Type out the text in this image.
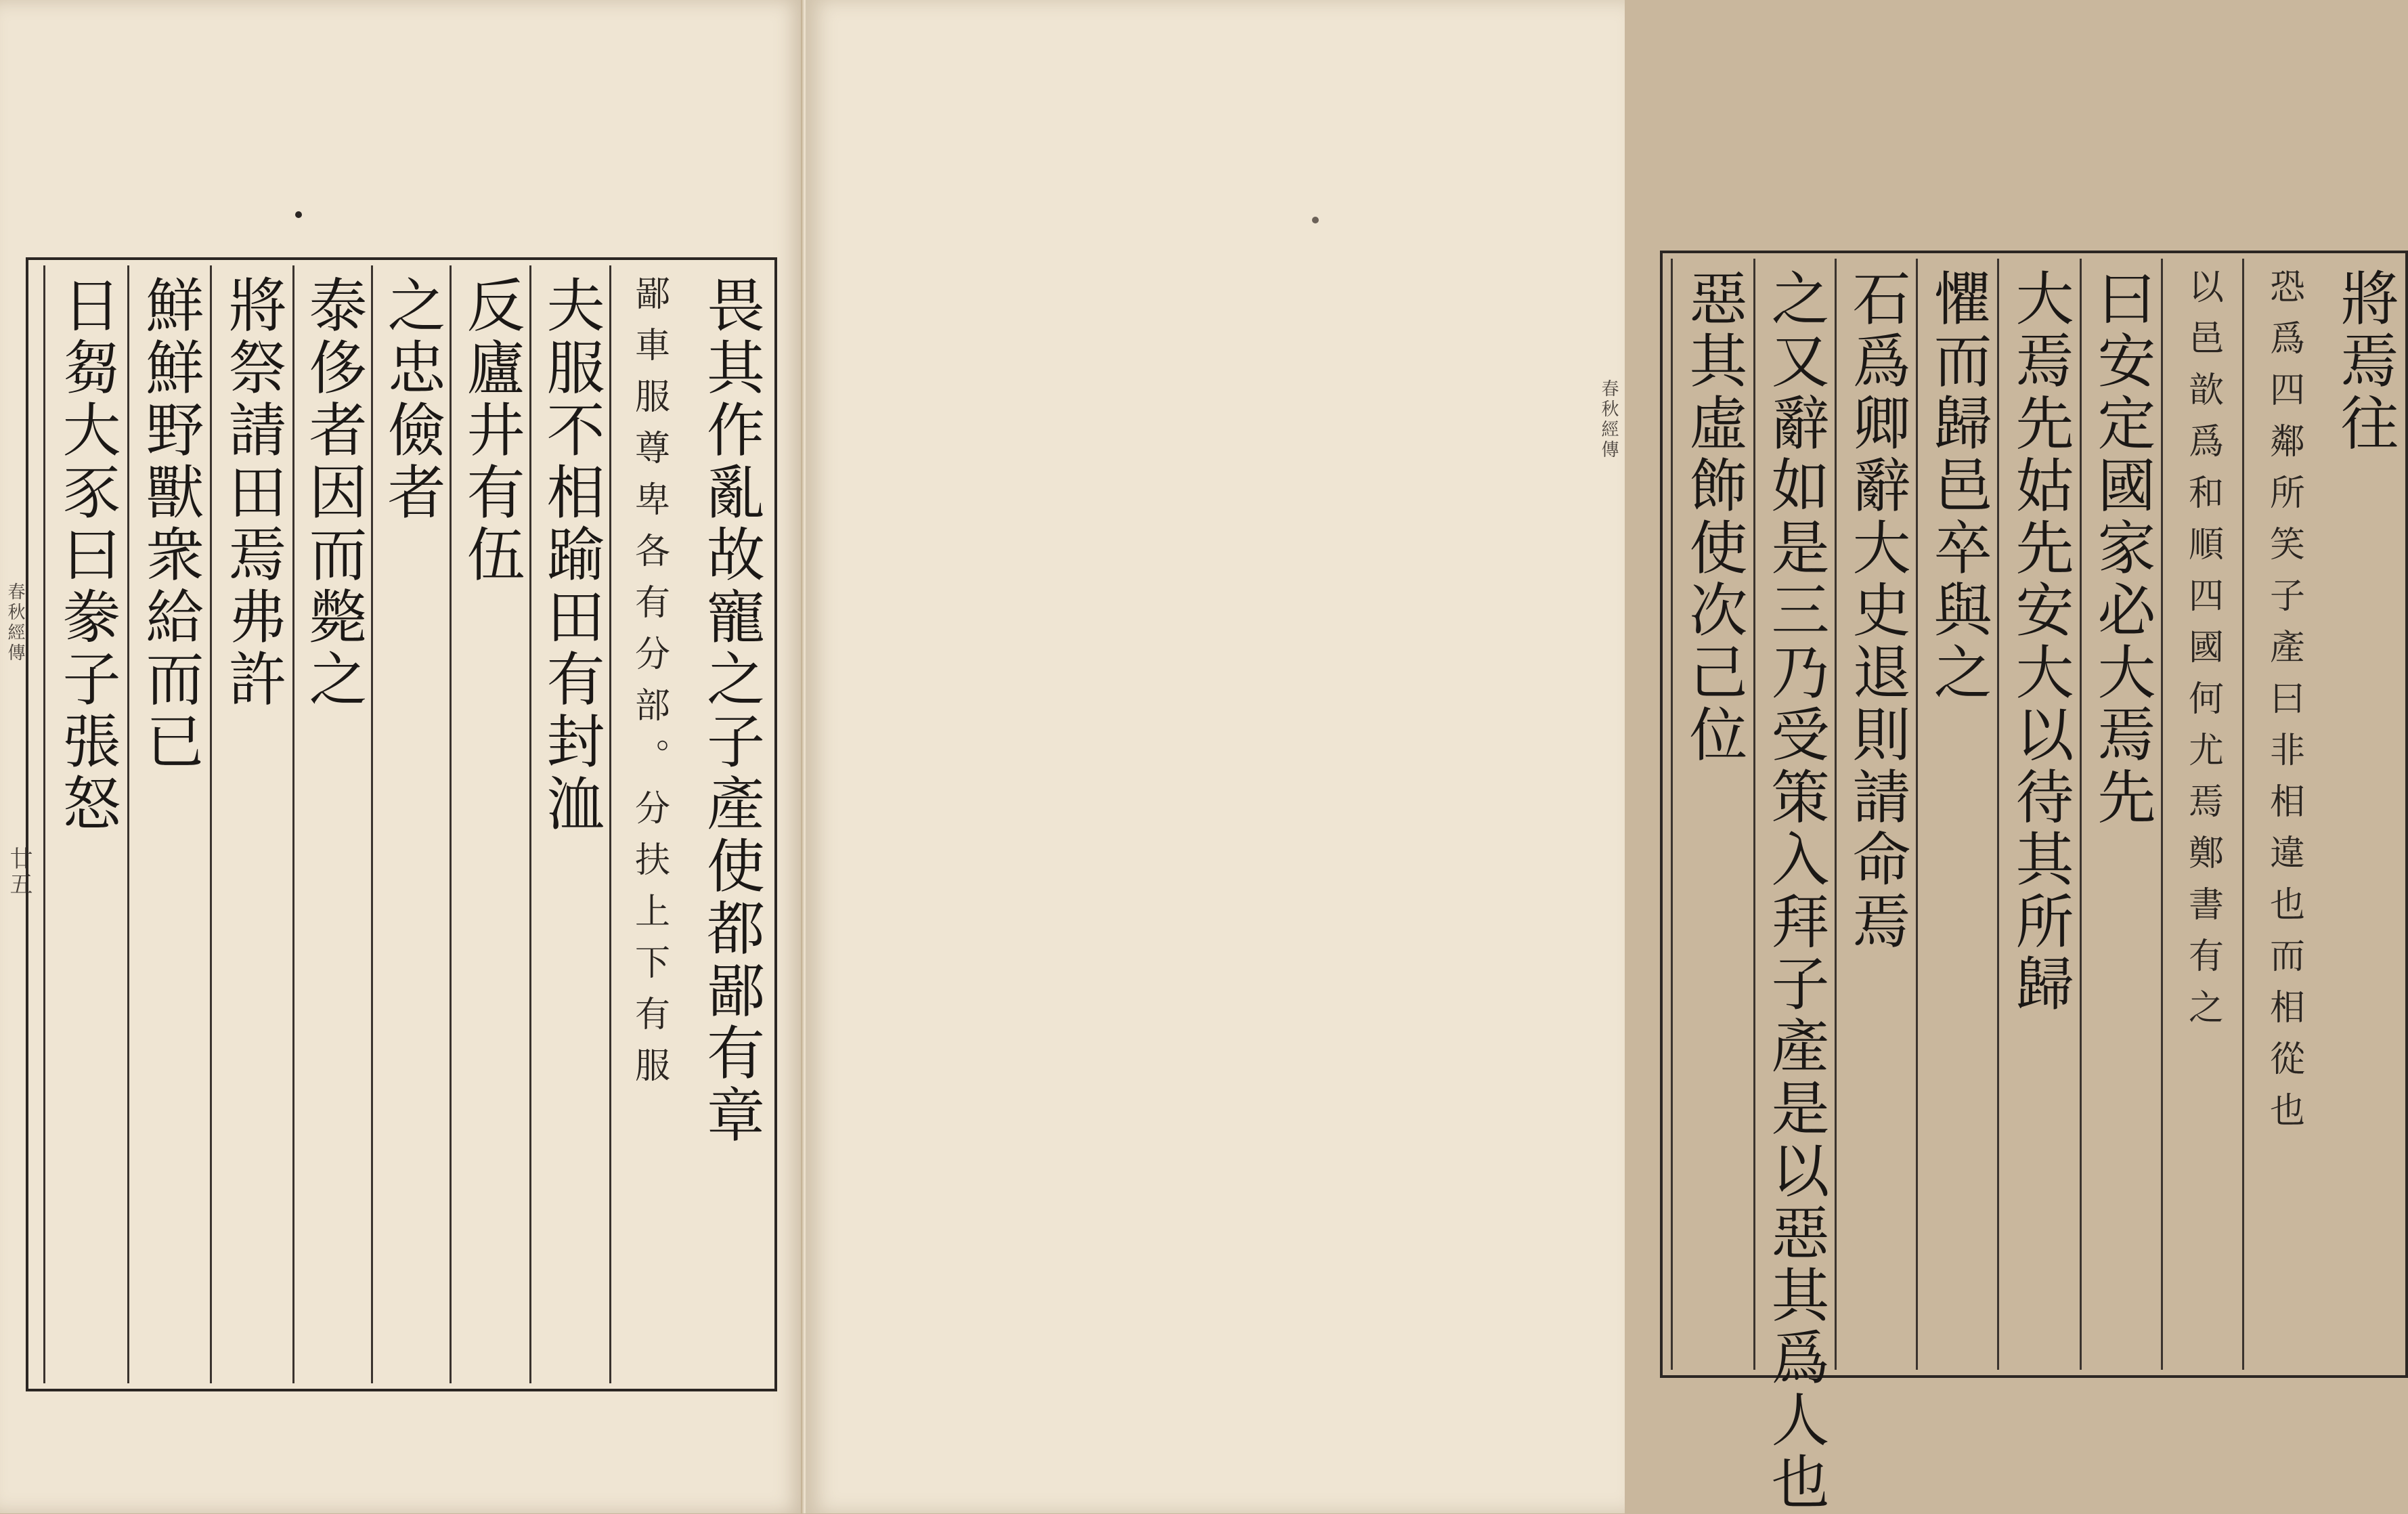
春秋經傳
廿五	畏其作亂故寵之子產使都鄙有章
鄙車服尊卑各有分部。分扶上下有服
夫服不相踰田有封洫
反廬井有伍
之忠儉者
泰侈者因而斃之
將祭請田焉弗許
鮮鮮野獸衆給而已
日芻大豕曰豢子張怒	春秋經傳	將焉往
恐爲四鄰所笑子產曰非相違也而相從也
以邑歆爲和順四國何尤焉鄭書有之
曰安定國家必大焉先
大焉先姑先安大以待其所歸
懼而歸邑卒與之
石爲卿辭大史退則請命焉
之又辭如是三乃受策入拜子產是以惡其爲人也
惡其虛飾使次己位
